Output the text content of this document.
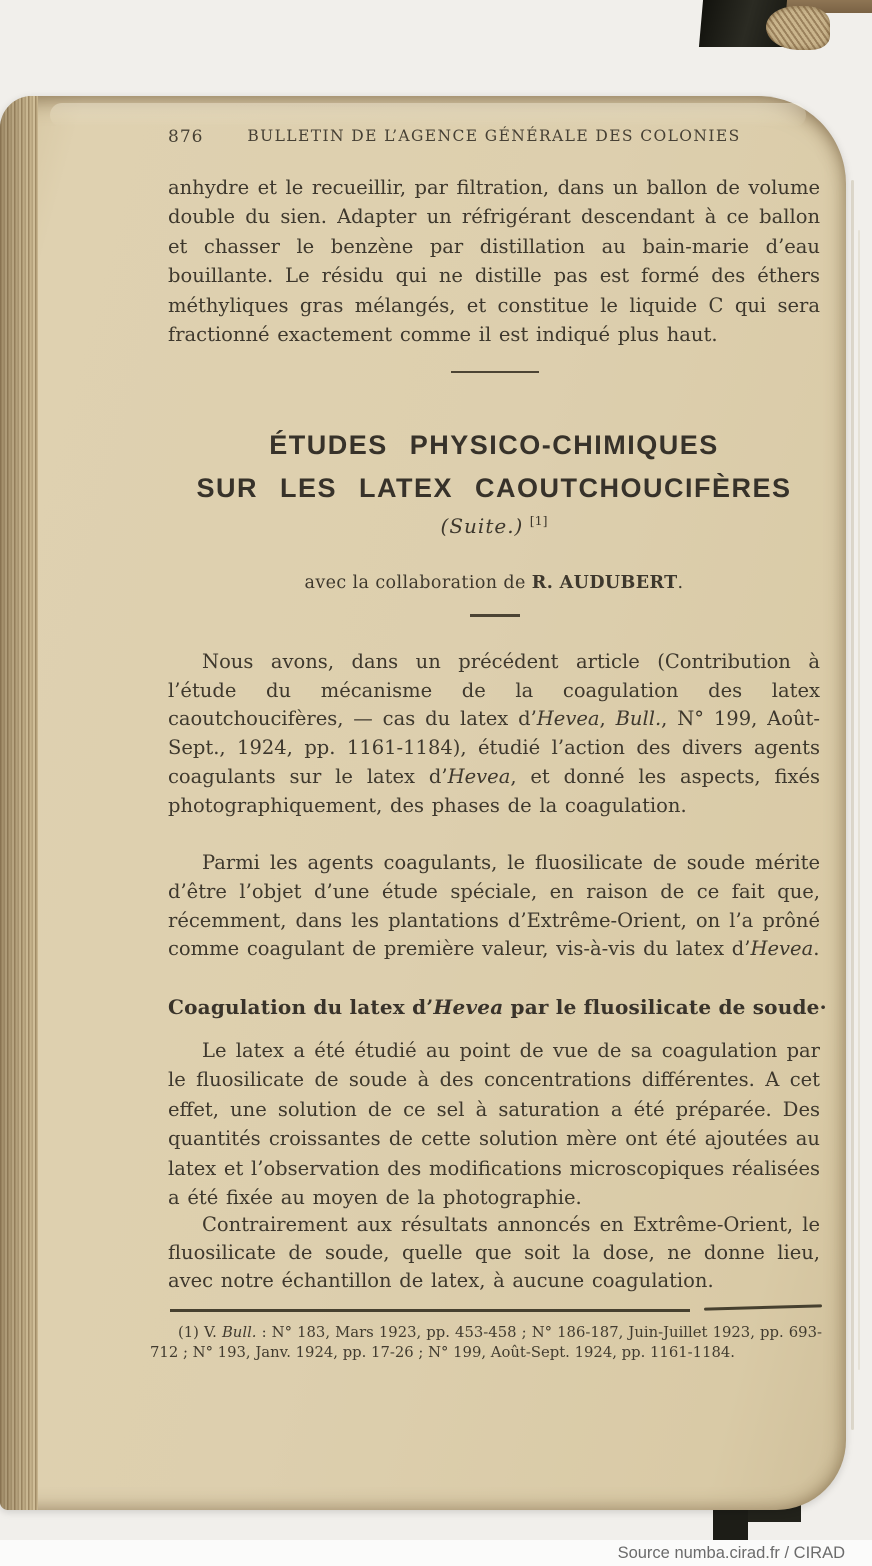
876	BULLETIN DE L’AGENCE GÉNÉRALE DES COLONIES

anhydre et le recueillir, par filtration, dans un ballon de volume double du sien. Adapter un réfrigérant descendant à ce ballon et chasser le benzène par distillation au bain-marie d’eau bouillante. Le résidu qui ne distille pas est formé des éthers méthyliques gras mélangés, et constitue le liquide C qui sera fractionné exactement comme il est indiqué plus haut.

ÉTUDES PHYSICO-CHIMIQUES
SUR LES LATEX CAOUTCHOUCIFÈRES
(Suite.) [1]
avec la collaboration de R. AUDUBERT.

Nous avons, dans un précédent article (Contribution à l’étude du mécanisme de la coagulation des latex caoutchoucifères, — cas du latex d’Hevea, Bull., N° 199, Août-Sept., 1924, pp. 1161-1184), étudié l’action des divers agents coagulants sur le latex d’Hevea, et donné les aspects, fixés photographiquement, des phases de la coagulation.

Parmi les agents coagulants, le fluosilicate de soude mérite d’être l’objet d’une étude spéciale, en raison de ce fait que, récemment, dans les plantations d’Extrême-Orient, on l’a prôné comme coagulant de première valeur, vis-à-vis du latex d’Hevea.

Coagulation du latex d’Hevea par le fluosilicate de soude·

Le latex a été étudié au point de vue de sa coagulation par le fluosilicate de soude à des concentrations différentes. A cet effet, une solution de ce sel à saturation a été préparée. Des quantités croissantes de cette solution mère ont été ajoutées au latex et l’observation des modifications microscopiques réalisées a été fixée au moyen de la photographie.

Contrairement aux résultats annoncés en Extrême-Orient, le fluosilicate de soude, quelle que soit la dose, ne donne lieu, avec notre échantillon de latex, à aucune coagulation.

(1) V. Bull. : N° 183, Mars 1923, pp. 453-458 ; N° 186-187, Juin-Juillet 1923, pp. 693-712 ; N° 193, Janv. 1924, pp. 17-26 ; N° 199, Août-Sept. 1924, pp. 1161-1184.

Source numba.cirad.fr / CIRAD
